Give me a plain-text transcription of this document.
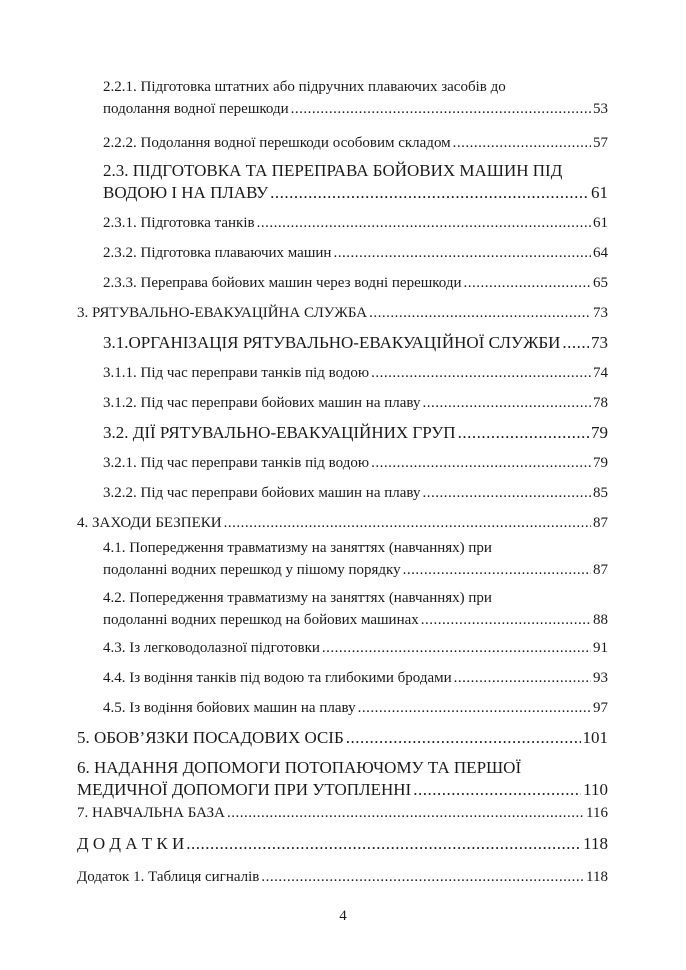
2.2.1. Підготовка штатних або підручних плаваючих засобів до
подолання водної перешкоди .....	53
2.2.2. Подолання водної перешкоди особовим складом .....	57
2.3. ПІДГОТОВКА ТА ПЕРЕПРАВА БОЙОВИХ МАШИН ПІД
ВОДОЮ І НА ПЛАВУ .....	61
2.3.1. Підготовка танків .....	61
2.3.2. Підготовка плаваючих машин .....	64
2.3.3. Переправа бойових машин через водні перешкоди .....	65
3. РЯТУВАЛЬНО-ЕВАКУАЦІЙНА СЛУЖБА .....	73
3.1.ОРГАНІЗАЦІЯ РЯТУВАЛЬНО-ЕВАКУАЦІЙНОЇ СЛУЖБИ ..... 73
3.1.1. Під час переправи танків під водою .....	74
3.1.2. Під час переправи бойових машин на плаву .....	78
3.2. ДІЇ РЯТУВАЛЬНО-ЕВАКУАЦІЙНИХ ГРУП .....	79
3.2.1. Під час переправи танків під водою .....	79
3.2.2. Під час переправи бойових машин на плаву .....	85
4. ЗАХОДИ БЕЗПЕКИ .....	87
4.1. Попередження травматизму на заняттях (навчаннях) при
подоланні водних перешкод у пішому порядку .....	87
4.2. Попередження травматизму на заняттях (навчаннях) при
подоланні водних перешкод на бойових машинах .....	88
4.3. Із легководолазної підготовки .....	91
4.4. Із водіння танків під водою та глибокими бродами .....	93
4.5. Із водіння бойових машин на плаву .....	97
5. ОБОВ’ЯЗКИ ПОСАДОВИХ ОСІБ .....	101
6. НАДАННЯ ДОПОМОГИ ПОТОПАЮЧОМУ ТА ПЕРШОЇ
МЕДИЧНОЇ ДОПОМОГИ ПРИ УТОПЛЕННІ .....	110
7. НАВЧАЛЬНА БАЗА .....	116
Д О Д А Т К И .....	118
Додаток 1. Таблиця сигналів .....	118
4
